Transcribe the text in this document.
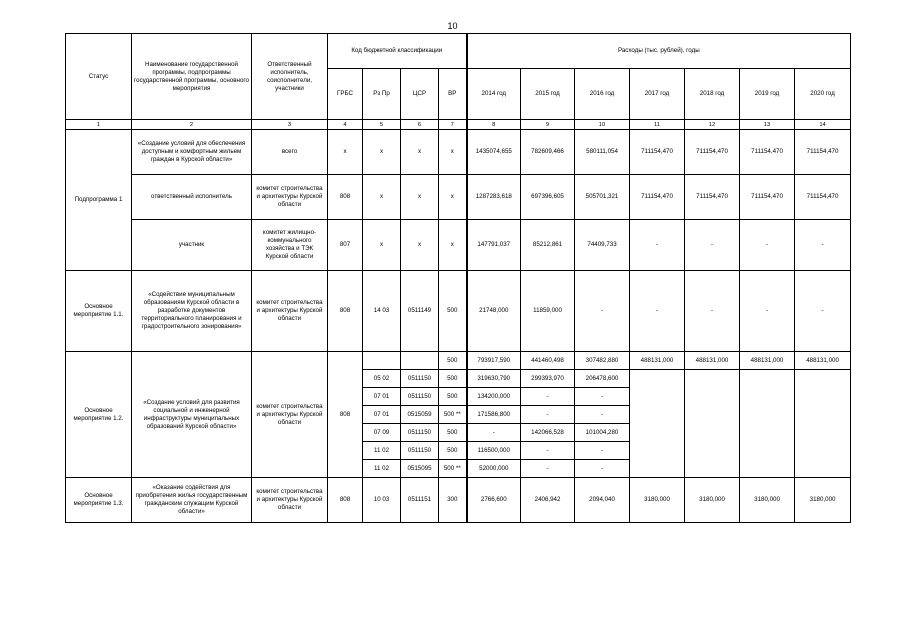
10
Статус	Наименование государственной программы, подпрограммы государственной программы, основного мероприятия	Ответственный исполнитель, соисполнители, участники	Код бюджетной классификации				Расходы (тыс. рублей), годы						
			ГРБС	Рз Пр	ЦСР	ВР	2014 год	2015 год	2016 год	2017 год	2018 год	2019 год	2020 год
1	2	3	4	5	6	7	8	9	10	11	12	13	14
Подпрограмма 1	«Создание условий для обеспечения доступным и комфортным жильем граждан в Курской области»	всего	х	х	х	х	1435074,655	782609,466	580111,054	711154,470	711154,470	711154,470	711154,470
	ответственный исполнитель	комитет строительства и архитектуры Курской области	808	х	х	х	1287283,618	697396,605	505701,321	711154,470	711154,470	711154,470	711154,470
	участник	комитет жилищно-коммунального хозяйства и ТЭК Курской области	807	х	х	х	147791,037	85212,861	74409,733	-	-	-	-
Основное мероприятие 1.1.	«Содействие муниципальным образованиям Курской области в разработке документов территориального планирования и градостроительного зонирования»	комитет строительства и архитектуры Курской области	808	14 03	0511149	500	21748,000	11859,000	-	-	-	-	-
Основное мероприятие 1.2.	«Создание условий для развития социальной и инженерной инфраструктуры муниципальных образований Курской области»	комитет строительства и архитектуры Курской области	808			500	793917,590	441460,498	307482,880	488131,000	488131,000	488131,000	488131,000
				05 02	0511150	500	319630,790	299393,970	206478,600				
				07 01	0511150	500	134200,000	-	-				
				07 01	0515059	500 **	171586,800	-	-				
				07 09	0511150	500	-	142066,528	101004,280				
				11 02	0511150	500	116500,000	-	-				
				11 02	0515095	500 **	52000,000	-	-				
Основное мероприятие 1.3.	«Оказание содействия для приобретения жилья государственным гражданским служащим Курской области»	комитет строительства и архитектуры Курской области	808	10 03	0511151	300	2766,600	2406,942	2094,040	3180,000	3180,000	3180,000	3180,000
